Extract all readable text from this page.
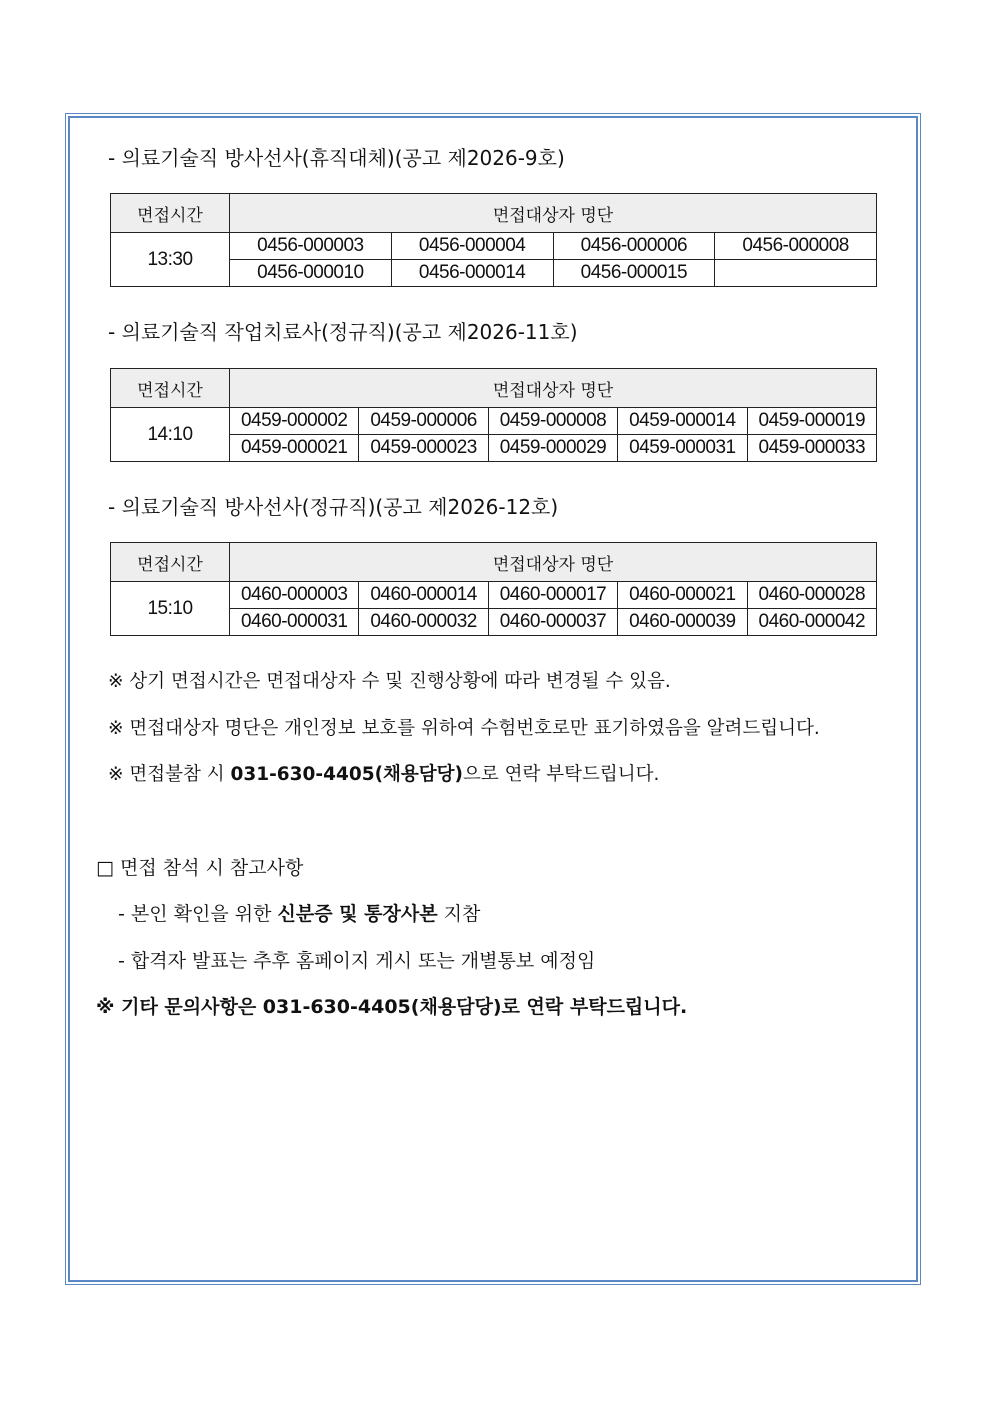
- 의료기술직 방사선사(휴직대체)(공고 제2026-9호)
면접시간	면접대상자 명단			
13:30	0456-000003	0456-000004	0456-000006	0456-000008
	0456-000010	0456-000014	0456-000015	
- 의료기술직 작업치료사(정규직)(공고 제2026-11호)
면접시간	면접대상자 명단				
14:10	0459-000002	0459-000006	0459-000008	0459-000014	0459-000019
	0459-000021	0459-000023	0459-000029	0459-000031	0459-000033
- 의료기술직 방사선사(정규직)(공고 제2026-12호)
면접시간	면접대상자 명단				
15:10	0460-000003	0460-000014	0460-000017	0460-000021	0460-000028
	0460-000031	0460-000032	0460-000037	0460-000039	0460-000042
※ 상기 면접시간은 면접대상자 수 및 진행상황에 따라 변경될 수 있음.
※ 면접대상자 명단은 개인정보 보호를 위하여 수험번호로만 표기하였음을 알려드립니다.
※ 면접불참 시 031-630-4405(채용담당)으로 연락 부탁드립니다.
□ 면접 참석 시 참고사항
- 본인 확인을 위한 신분증 및 통장사본 지참
- 합격자 발표는 추후 홈페이지 게시 또는 개별통보 예정임
※ 기타 문의사항은 031-630-4405(채용담당)로 연락 부탁드립니다.
